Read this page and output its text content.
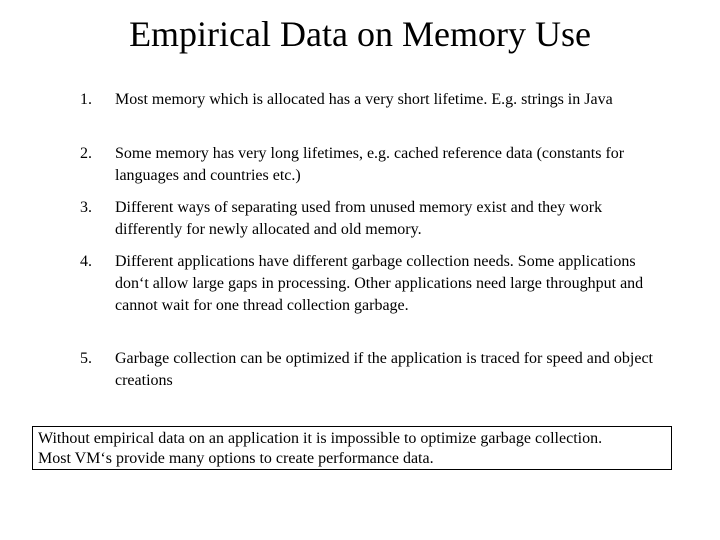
Empirical Data on Memory Use
1. Most memory which is allocated has a very short lifetime. E.g. strings in Java
2. Some memory has very long lifetimes, e.g. cached reference data (constants for languages and countries etc.)
3. Different ways of separating used from unused memory exist and they work differently for newly allocated and old memory.
4. Different applications have different garbage collection needs. Some applications don‘t allow large gaps in processing. Other applications need large throughput and cannot wait for one thread collection garbage.
5. Garbage collection can be optimized if the application is traced for speed and object creations
Without empirical data on an application it is impossible to optimize garbage collection.
Most VM‘s provide many options to create performance data.
